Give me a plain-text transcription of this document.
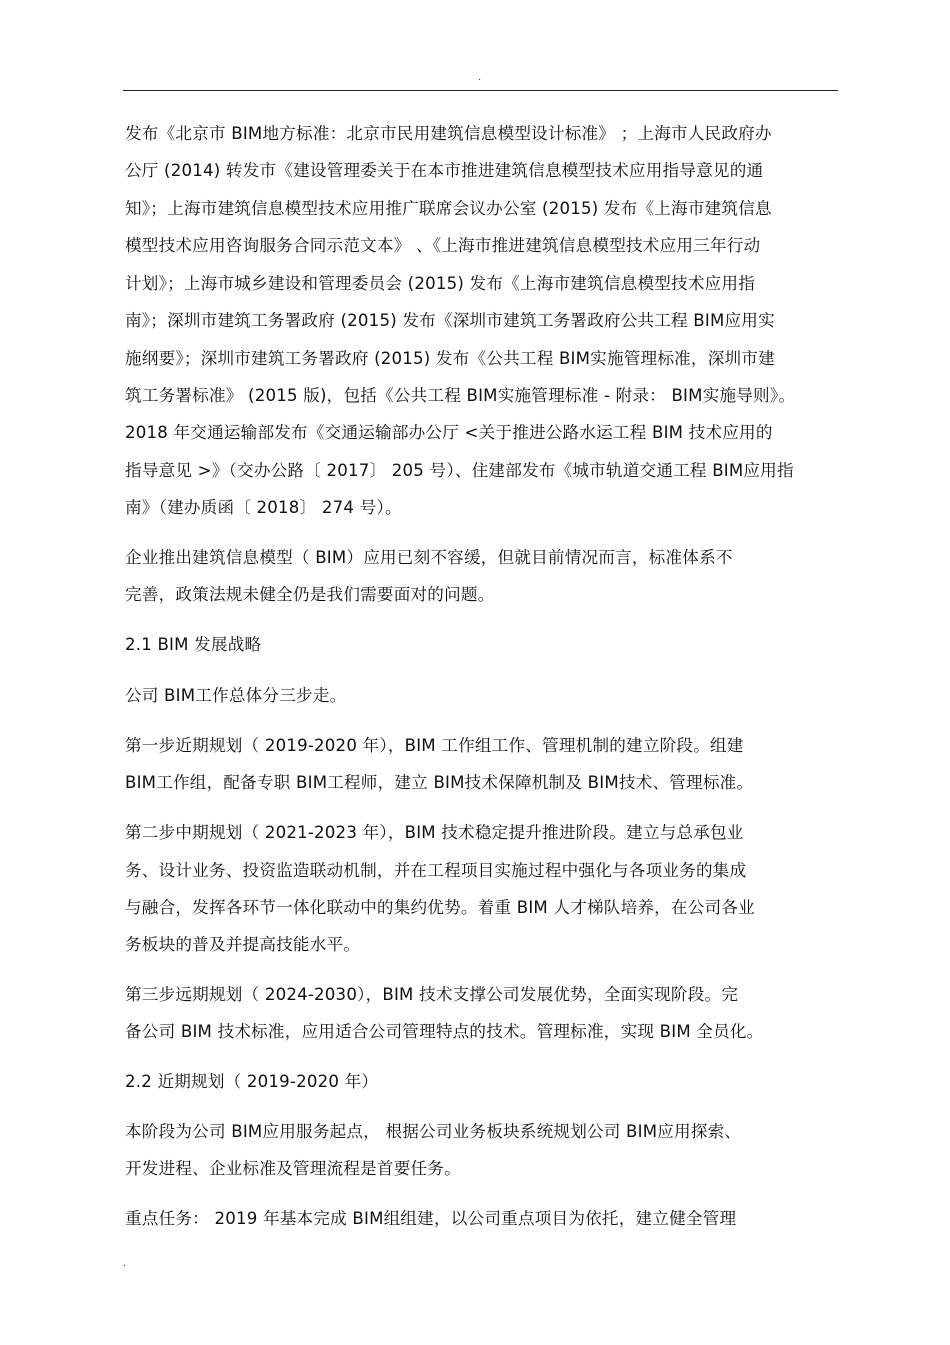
.
发布《北京市 BIM地方标准：北京市民用建筑信息模型设计标准》 ；上海市人民政府办
公厅 (2014) 转发市《建设管理委关于在本市推进建筑信息模型技术应用指导意见的通
知》；上海市建筑信息模型技术应用推广联席会议办公室 (2015) 发布《上海市建筑信息
模型技术应用咨询服务合同示范文本》 、《上海市推进建筑信息模型技术应用三年行动
计划》；上海市城乡建设和管理委员会 (2015) 发布《上海市建筑信息模型技术应用指
南》；深圳市建筑工务署政府 (2015) 发布《深圳市建筑工务署政府公共工程 BIM应用实
施纲要》；深圳市建筑工务署政府 (2015) 发布《公共工程 BIM实施管理标准，深圳市建
筑工务署标准》 (2015 版)，包括《公共工程 BIM实施管理标准 - 附录： BIM实施导则》。
2018 年交通运输部发布《交通运输部办公厅 <关于推进公路水运工程 BIM 技术应用的
指导意见 >》（交办公路〔 2017〕 205 号）、住建部发布《城市轨道交通工程 BIM应用指
南》（建办质函〔 2018〕 274 号）。
企业推出建筑信息模型（ BIM）应用已刻不容缓，但就目前情况而言，标准体系不
完善，政策法规未健全仍是我们需要面对的问题。
2.1 BIM 发展战略
公司 BIM工作总体分三步走。
第一步近期规划（ 2019-2020 年），BIM 工作组工作、管理机制的建立阶段。组建
BIM工作组，配备专职 BIM工程师，建立 BIM技术保障机制及 BIM技术、管理标准。
第二步中期规划（ 2021-2023 年），BIM 技术稳定提升推进阶段。建立与总承包业
务、设计业务、投资监造联动机制，并在工程项目实施过程中强化与各项业务的集成
与融合，发挥各环节一体化联动中的集约优势。着重 BIM 人才梯队培养，在公司各业
务板块的普及并提高技能水平。
第三步远期规划（ 2024-2030），BIM 技术支撑公司发展优势，全面实现阶段。完
备公司 BIM 技术标准，应用适合公司管理特点的技术。管理标准，实现 BIM 全员化。
2.2 近期规划（ 2019-2020 年）
本阶段为公司 BIM应用服务起点， 根据公司业务板块系统规划公司 BIM应用探索、
开发进程、企业标准及管理流程是首要任务。
重点任务： 2019 年基本完成 BIM组组建，以公司重点项目为依托，建立健全管理
.
